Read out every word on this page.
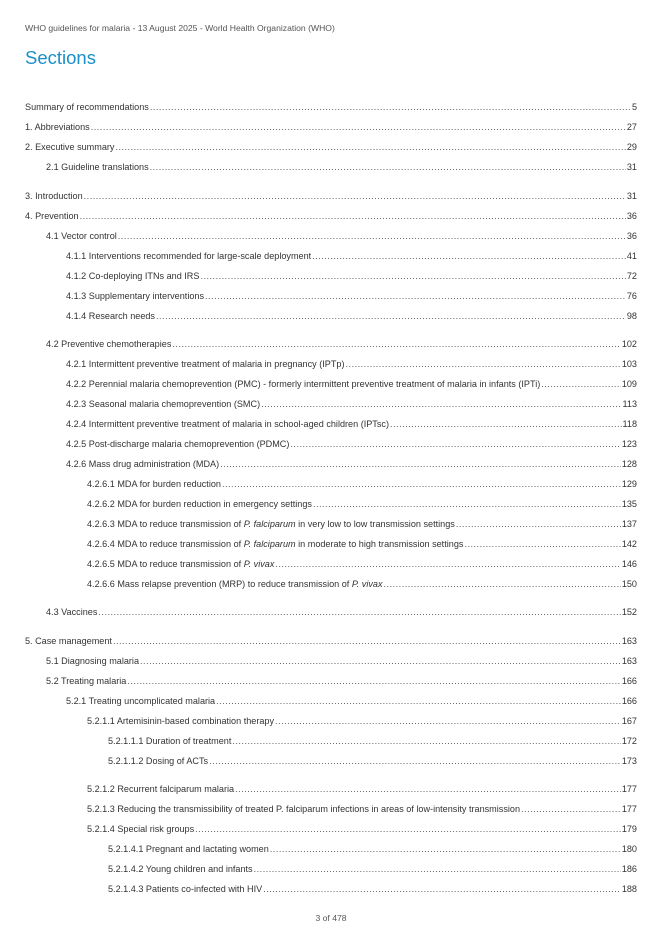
WHO guidelines for malaria - 13 August 2025 - World Health Organization (WHO)
Sections
Summary of recommendations .....	5
1. Abbreviations .....	27
2. Executive summary .....	29
2.1 Guideline translations .....	31
3. Introduction .....	31
4. Prevention .....	36
4.1 Vector control .....	36
4.1.1 Interventions recommended for large-scale deployment .....	41
4.1.2 Co-deploying ITNs and IRS .....	72
4.1.3 Supplementary interventions .....	76
4.1.4 Research needs .....	98
4.2 Preventive chemotherapies .....	102
4.2.1 Intermittent preventive treatment of malaria in pregnancy (IPTp) .....	103
4.2.2 Perennial malaria chemoprevention (PMC) - formerly intermittent preventive treatment of malaria in infants (IPTi) .....	109
4.2.3 Seasonal malaria chemoprevention (SMC) .....	113
4.2.4 Intermittent preventive treatment of malaria in school-aged children (IPTsc) .....	118
4.2.5 Post-discharge malaria chemoprevention (PDMC) .....	123
4.2.6 Mass drug administration (MDA) .....	128
4.2.6.1 MDA for burden reduction .....	129
4.2.6.2 MDA for burden reduction in emergency settings .....	135
4.2.6.3 MDA to reduce transmission of P. falciparum in very low to low transmission settings .....	137
4.2.6.4 MDA to reduce transmission of P. falciparum in moderate to high transmission settings .....	142
4.2.6.5 MDA to reduce transmission of P. vivax .....	146
4.2.6.6 Mass relapse prevention (MRP) to reduce transmission of P. vivax .....	150
4.3 Vaccines .....	152
5. Case management .....	163
5.1 Diagnosing malaria .....	163
5.2 Treating malaria .....	166
5.2.1 Treating uncomplicated malaria .....	166
5.2.1.1 Artemisinin-based combination therapy .....	167
5.2.1.1.1 Duration of treatment .....	172
5.2.1.1.2 Dosing of ACTs .....	173
5.2.1.2 Recurrent falciparum malaria .....	177
5.2.1.3 Reducing the transmissibility of treated P. falciparum infections in areas of low-intensity transmission .....	177
5.2.1.4 Special risk groups .....	179
5.2.1.4.1 Pregnant and lactating women .....	180
5.2.1.4.2 Young children and infants .....	186
5.2.1.4.3 Patients co-infected with HIV .....	188
3 of 478
